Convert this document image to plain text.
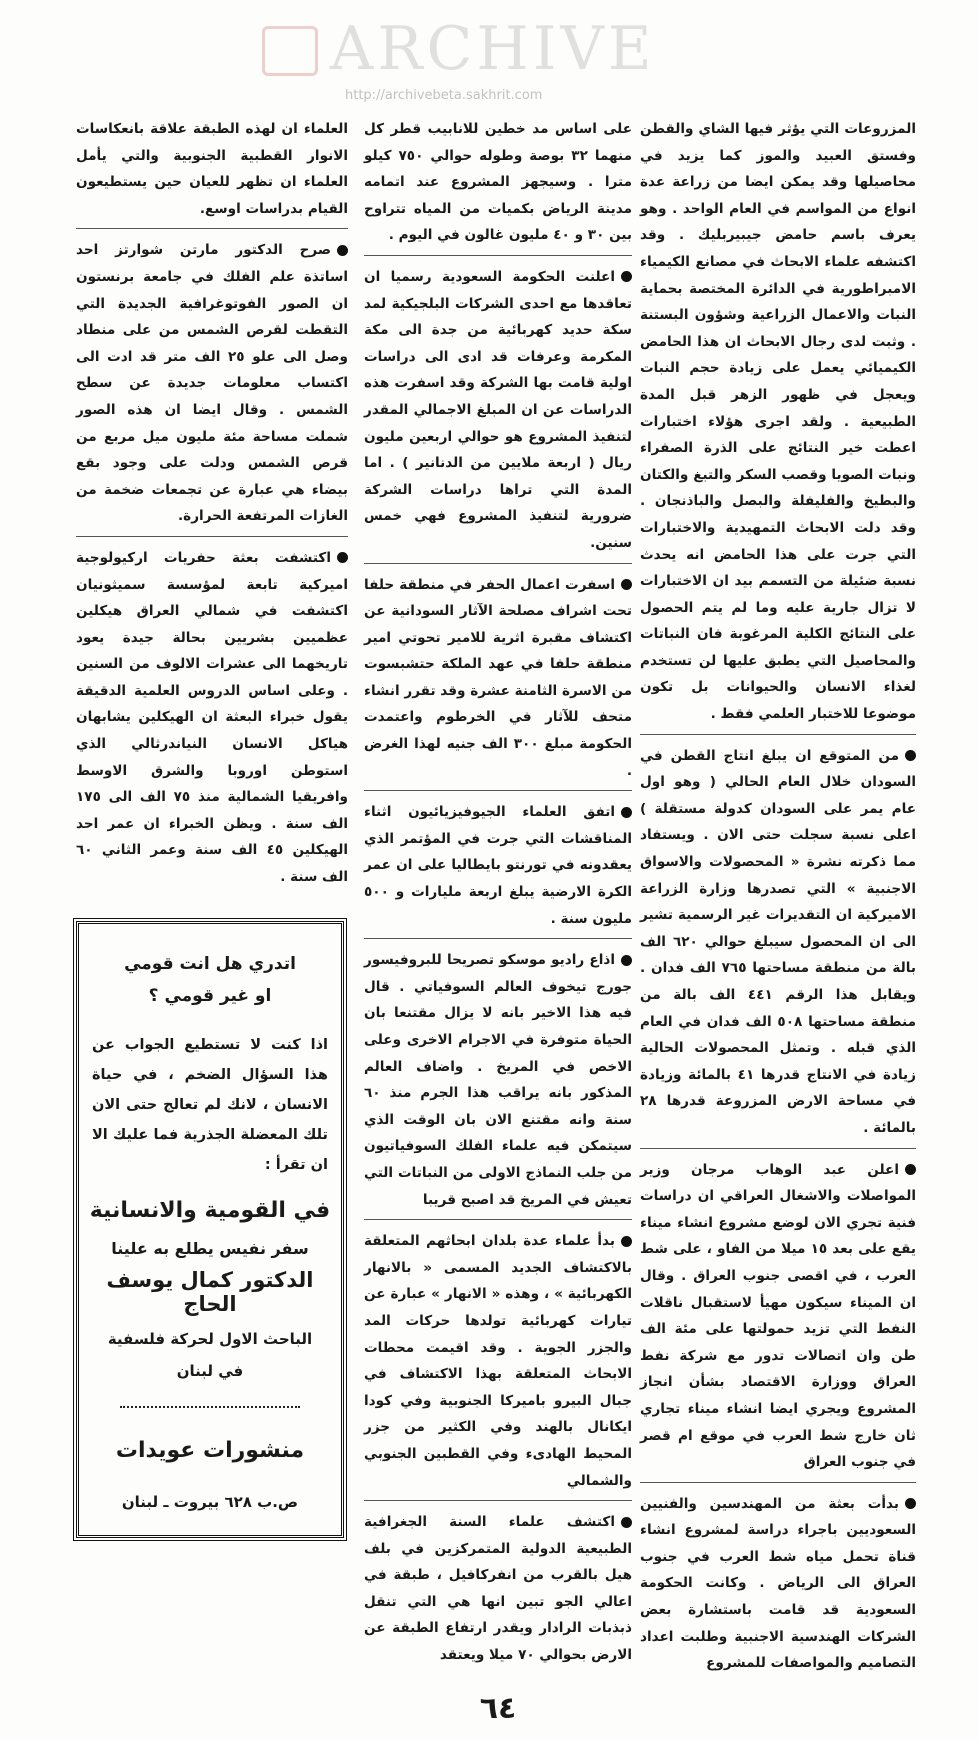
ARCHIVE
http://archivebeta.sakhrit.com

المزروعات التي يؤثر فيها الشاي والقطن وفستق العبيد والموز كما يزيد في محاصيلها وقد يمكن ايضا من زراعة عدة انواع من المواسم في العام الواحد . وهو يعرف باسم حامض جيبيربليك . وقد اكتشفه علماء الابحاث في مصانع الكيمياء الامبراطورية في الدائرة المختصة بحماية النبات والاعمال الزراعية وشؤون البستنة . وثبت لدى رجال الابحاث ان هذا الحامض الكيميائي يعمل على زيادة حجم النبات ويعجل في ظهور الزهر قبل المدة الطبيعية . ولقد اجرى هؤلاء اختبارات اعطت خير النتائج على الذرة الصفراء ونبات الصويا وقصب السكر والتبغ والكتان والبطيخ والفليفلة والبصل والباذنجان . وقد دلت الابحاث التمهيدية والاختبارات التي جرت على هذا الحامض انه يحدث نسبة ضئيلة من التسمم بيد ان الاختبارات لا تزال جارية عليه وما لم يتم الحصول على النتائج الكلية المرغوبة فان النباتات والمحاصيل التي يطبق عليها لن تستخدم لغذاء الانسان والحيوانات بل تكون موضوعا للاختبار العلمي فقط .

من المتوقع ان يبلغ انتاج القطن في السودان خلال العام الحالي ( وهو اول عام يمر على السودان كدولة مستقلة ) اعلى نسبة سجلت حتى الان . ويستفاد مما ذكرته نشرة « المحصولات والاسواق الاجنبية » التي تصدرها وزارة الزراعة الاميركية ان التقديرات غير الرسمية تشير الى ان المحصول سيبلغ حوالي ٦٢٠ الف بالة من منطقة مساحتها ٧٦٥ الف فدان . ويقابل هذا الرقم ٤٤١ الف بالة من منطقة مساحتها ٥٠٨ الف فدان في العام الذي قبله . وتمثل المحصولات الحالية زيادة في الانتاج قدرها ٤١ بالمائة وزيادة في مساحة الارض المزروعة قدرها ٢٨ بالمائة .

اعلن عبد الوهاب مرجان وزير المواصلات والاشغال العراقي ان دراسات فنية تجري الان لوضع مشروع انشاء ميناء يقع على بعد ١٥ ميلا من الفاو ، على شط العرب ، في اقصى جنوب العراق . وقال ان الميناء سيكون مهيأ لاستقبال ناقلات النفط التي تزيد حمولتها على مئة الف طن وان اتصالات تدور مع شركة نفط العراق ووزارة الاقتصاد بشأن انجاز المشروع ويجري ايضا انشاء ميناء تجاري ثان خارج شط العرب في موقع ام قصر في جنوب العراق

بدأت بعثة من المهندسين والفنيين السعوديين باجراء دراسة لمشروع انشاء قناة تحمل مياه شط العرب في جنوب العراق الى الرياض . وكانت الحكومة السعودية قد قامت باستشارة بعض الشركات الهندسية الاجنبية وطلبت اعداد التصاميم والمواصفات للمشروع

على اساس مد خطين للانابيب قطر كل منهما ٣٢ بوصة وطوله حوالي ٧٥٠ كيلو مترا . وسيجهز المشروع عند اتمامه مدينة الرياض بكميات من المياه تتراوح بين ٣٠ و ٤٠ مليون غالون في اليوم .

اعلنت الحكومة السعودية رسميا ان تعاقدها مع احدى الشركات البلجيكية لمد سكة حديد كهربائية من جدة الى مكة المكرمة وعرفات قد ادى الى دراسات اولية قامت بها الشركة وقد اسفرت هذه الدراسات عن ان المبلغ الاجمالي المقدر لتنفيذ المشروع هو حوالي اربعين مليون ريال ( اربعة ملايين من الدنانير ) . اما المدة التي تراها دراسات الشركة ضرورية لتنفيذ المشروع فهي خمس سنين.

اسفرت اعمال الحفر في منطقة حلفا تحت اشراف مصلحة الآثار السودانية عن اكتشاف مقبرة اثرية للامير تحوتي امير منطقة حلفا في عهد الملكة حتشبسوت من الاسرة الثامنة عشرة وقد تقرر انشاء متحف للآثار في الخرطوم واعتمدت الحكومة مبلغ ٣٠٠ الف جنيه لهذا الغرض .

اتفق العلماء الجيوفيزيائيون اثناء المناقشات التي جرت في المؤتمر الذي يعقدونه في تورنتو بايطاليا على ان عمر الكرة الارضية يبلغ اربعة مليارات و ٥٠٠ مليون سنة .

اذاع راديو موسكو تصريحا للبروفيسور جورج تيخوف العالم السوفياتي . قال فيه هذا الاخير بانه لا يزال مقتنعا بان الحياة متوفرة في الاجرام الاخرى وعلى الاخص في المريخ . واضاف العالم المذكور بانه يراقب هذا الجرم منذ ٦٠ سنة وانه مقتنع الان بان الوقت الذي سيتمكن فيه علماء الفلك السوفياتيون من جلب النماذج الاولى من النباتات التي تعيش في المريخ قد اصبح قريبا

بدأ علماء عدة بلدان ابحاثهم المتعلقة بالاكتشاف الجديد المسمى « بالانهار الكهربائية » ، وهذه « الانهار » عبارة عن تيارات كهربائية تولدها حركات المد والجزر الجوية . وقد اقيمت محطات الابحاث المتعلقة بهذا الاكتشاف في جبال البيرو باميركا الجنوبية وفي كودا ايكانال بالهند وفي الكثير من جزر المحيط الهادىء وفي القطبين الجنوبي والشمالي

اكتشف علماء السنة الجغرافية الطبيعية الدولية المتمركزين في بلف هيل بالقرب من انفركافيل ، طبقة في اعالي الجو تبين انها هي التي تنقل ذبذبات الرادار ويقدر ارتفاع الطبقة عن الارض بحوالي ٧٠ ميلا ويعتقد

٦٤

العلماء ان لهذه الطبقة علاقة بانعكاسات الانوار القطبية الجنوبية والتي يأمل العلماء ان تظهر للعيان حين يستطيعون القيام بدراسات اوسع.

صرح الدكتور مارتن شوارتز احد اساتذة علم الفلك في جامعة برنستون ان الصور الفوتوغرافية الجديدة التي التقطت لقرص الشمس من على منطاد وصل الى علو ٢٥ الف متر قد ادت الى اكتساب معلومات جديدة عن سطح الشمس . وقال ايضا ان هذه الصور شملت مساحة مئة مليون ميل مربع من قرص الشمس ودلت على وجود بقع بيضاء هي عبارة عن تجمعات ضخمة من الغازات المرتفعة الحرارة.

اكتشفت بعثة حفريات اركيولوجية اميركية تابعة لمؤسسة سميثونيان اكتشفت في شمالي العراق هيكلين عظميين بشريين بحالة جيدة يعود تاريخهما الى عشرات الالوف من السنين . وعلى اساس الدروس العلمية الدقيقة يقول خبراء البعثة ان الهيكلين يشابهان هياكل الانسان النياندرثالي الذي استوطن اوروبا والشرق الاوسط وافريقيا الشمالية منذ ٧٥ الف الى ١٧٥ الف سنة . ويظن الخبراء ان عمر احد الهيكلين ٤٥ الف سنة وعمر الثاني ٦٠ الف سنة .

اتدري هل انت قومي
او غير قومي ؟
اذا كنت لا تستطيع الجواب عن هذا السؤال الضخم ، في حياة الانسان ، لانك لم تعالج حتى الان تلك المعضلة الجذرية فما عليك الا ان تقرأ :
في القومية والانسانية
سفر نفيس يطلع به علينا
الدكتور كمال يوسف الحاج
الباحث الاول لحركة فلسفية
في لبنان
منشورات عويدات
ص.ب ٦٢٨ بيروت ـ لبنان
